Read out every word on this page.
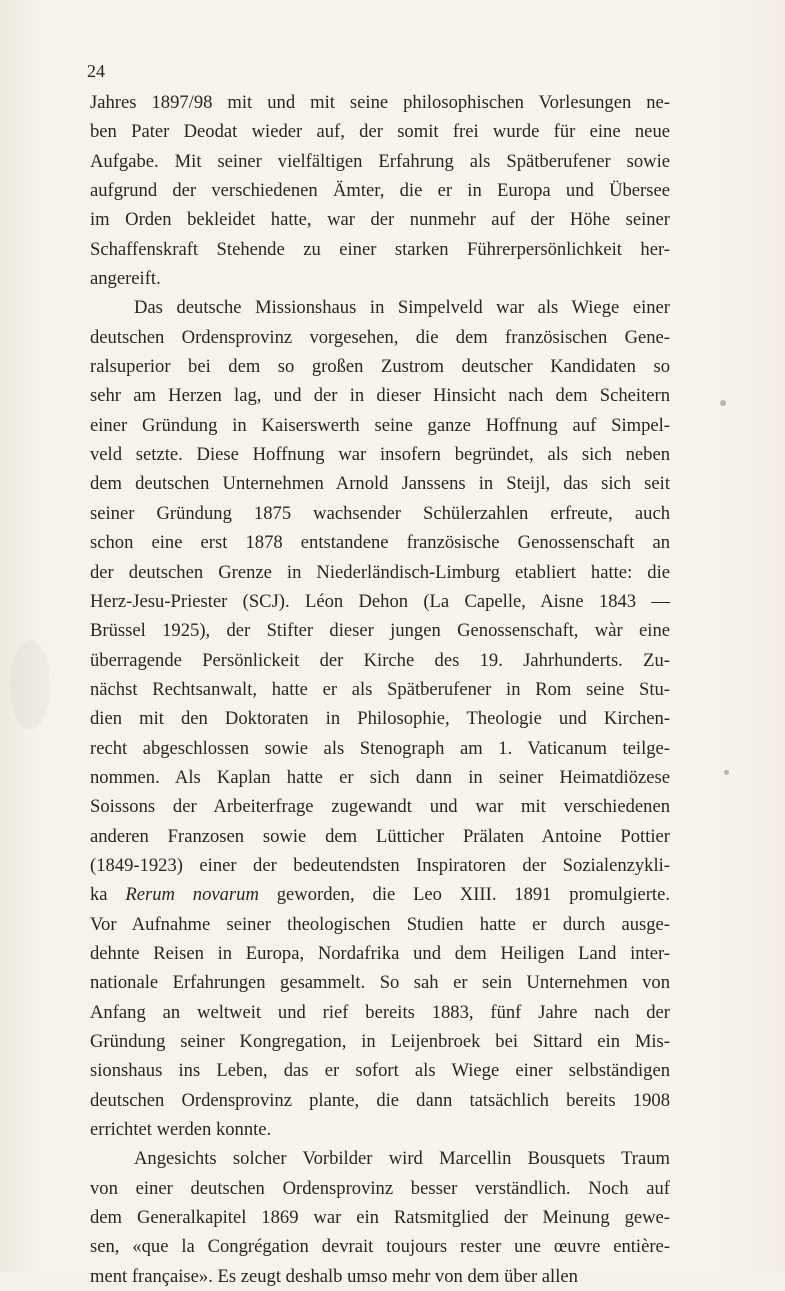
24

Jahres 1897/98 mit und mit seine philosophischen Vorlesungen ne-
ben Pater Deodat wieder auf, der somit frei wurde für eine neue
Aufgabe. Mit seiner vielfältigen Erfahrung als Spätberufener sowie
aufgrund der verschiedenen Ämter, die er in Europa und Übersee
im Orden bekleidet hatte, war der nunmehr auf der Höhe seiner
Schaffenskraft Stehende zu einer starken Führerpersönlichkeit her-
angereift.

Das deutsche Missionshaus in Simpelveld war als Wiege einer
deutschen Ordensprovinz vorgesehen, die dem französischen Gene-
ralsuperior bei dem so großen Zustrom deutscher Kandidaten so
sehr am Herzen lag, und der in dieser Hinsicht nach dem Scheitern
einer Gründung in Kaiserswerth seine ganze Hoffnung auf Simpel-
veld setzte. Diese Hoffnung war insofern begründet, als sich neben
dem deutschen Unternehmen Arnold Janssens in Steijl, das sich seit
seiner Gründung 1875 wachsender Schülerzahlen erfreute, auch
schon eine erst 1878 entstandene französische Genossenschaft an
der deutschen Grenze in Niederländisch-Limburg etabliert hatte: die
Herz-Jesu-Priester (SCJ). Léon Dehon (La Capelle, Aisne 1843 —
Brüssel 1925), der Stifter dieser jungen Genossenschaft, wàr eine
überragende Persönlickeit der Kirche des 19. Jahrhunderts. Zu-
nächst Rechtsanwalt, hatte er als Spätberufener in Rom seine Stu-
dien mit den Doktoraten in Philosophie, Theologie und Kirchen-
recht abgeschlossen sowie als Stenograph am 1. Vaticanum teilge-
nommen. Als Kaplan hatte er sich dann in seiner Heimatdiözese
Soissons der Arbeiterfrage zugewandt und war mit verschiedenen
anderen Franzosen sowie dem Lütticher Prälaten Antoine Pottier
(1849-1923) einer der bedeutendsten Inspiratoren der Sozialenzykli-
ka Rerum novarum geworden, die Leo XIII. 1891 promulgierte.
Vor Aufnahme seiner theologischen Studien hatte er durch ausge-
dehnte Reisen in Europa, Nordafrika und dem Heiligen Land inter-
nationale Erfahrungen gesammelt. So sah er sein Unternehmen von
Anfang an weltweit und rief bereits 1883, fünf Jahre nach der
Gründung seiner Kongregation, in Leijenbroek bei Sittard ein Mis-
sionshaus ins Leben, das er sofort als Wiege einer selbständigen
deutschen Ordensprovinz plante, die dann tatsächlich bereits 1908
errichtet werden konnte.

Angesichts solcher Vorbilder wird Marcellin Bousquets Traum
von einer deutschen Ordensprovinz besser verständlich. Noch auf
dem Generalkapitel 1869 war ein Ratsmitglied der Meinung gewe-
sen, «que la Congrégation devrait toujours rester une œuvre entière-
ment française». Es zeugt deshalb umso mehr von dem über allen
